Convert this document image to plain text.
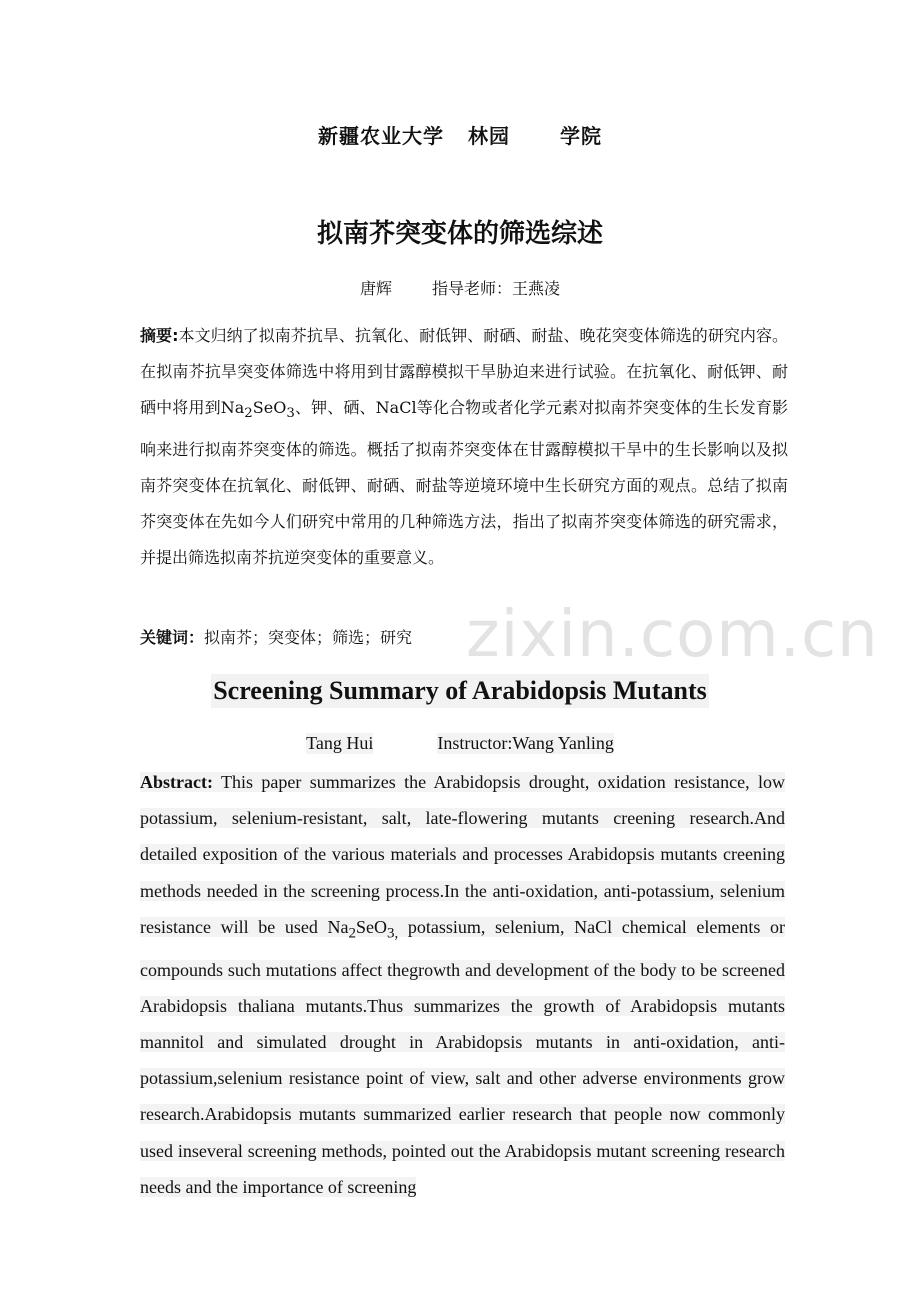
新疆农业大学 林园	学院
拟南芥突变体的筛选综述
唐辉	指导老师：王燕凌
摘要:本文归纳了拟南芥抗旱、抗氧化、耐低钾、耐硒、耐盐、晚花突变体筛选的研究内容。在拟南芥抗旱突变体筛选中将用到甘露醇模拟干旱胁迫来进行试验。在抗氧化、耐低钾、耐硒中将用到$Na_2SeO_3$、钾、硒、NaCl等化合物或者化学元素对拟南芥突变体的生长发育影响来进行拟南芥突变体的筛选。概括了拟南芥突变体在甘露醇模拟干旱中的生长影响以及拟南芥突变体在抗氧化、耐低钾、耐硒、耐盐等逆境环境中生长研究方面的观点。总结了拟南芥突变体在先如今人们研究中常用的几种筛选方法，指出了拟南芥突变体筛选的研究需求，并提出筛选拟南芥抗逆突变体的重要意义。
关键词：拟南芥；突变体；筛选；研究 zixin.com.cn
Screening Summary of Arabidopsis Mutants
Tang Hui	Instructor:Wang Yanling
Abstract: This paper summarizes the Arabidopsis drought, oxidation resistance, low potassium, selenium-resistant, salt, late-flowering mutants creening research.And detailed exposition of the various materials and processes Arabidopsis mutants creening methods needed in the screening process.In the anti-oxidation, anti-potassium, selenium resistance will be used $Na_2SeO_{3,}$ potassium, selenium, NaCl chemical elements or compounds such mutations affect thegrowth and development of the body to be screened Arabidopsis thaliana mutants.Thus summarizes the growth of Arabidopsis mutants mannitol and simulated drought in Arabidopsis mutants in anti-oxidation, anti-potassium,selenium resistance point of view, salt and other adverse environments grow research.Arabidopsis mutants summarized earlier research that people now commonly used inseveral screening methods, pointed out the Arabidopsis mutant screening research needs and the importance of screening
